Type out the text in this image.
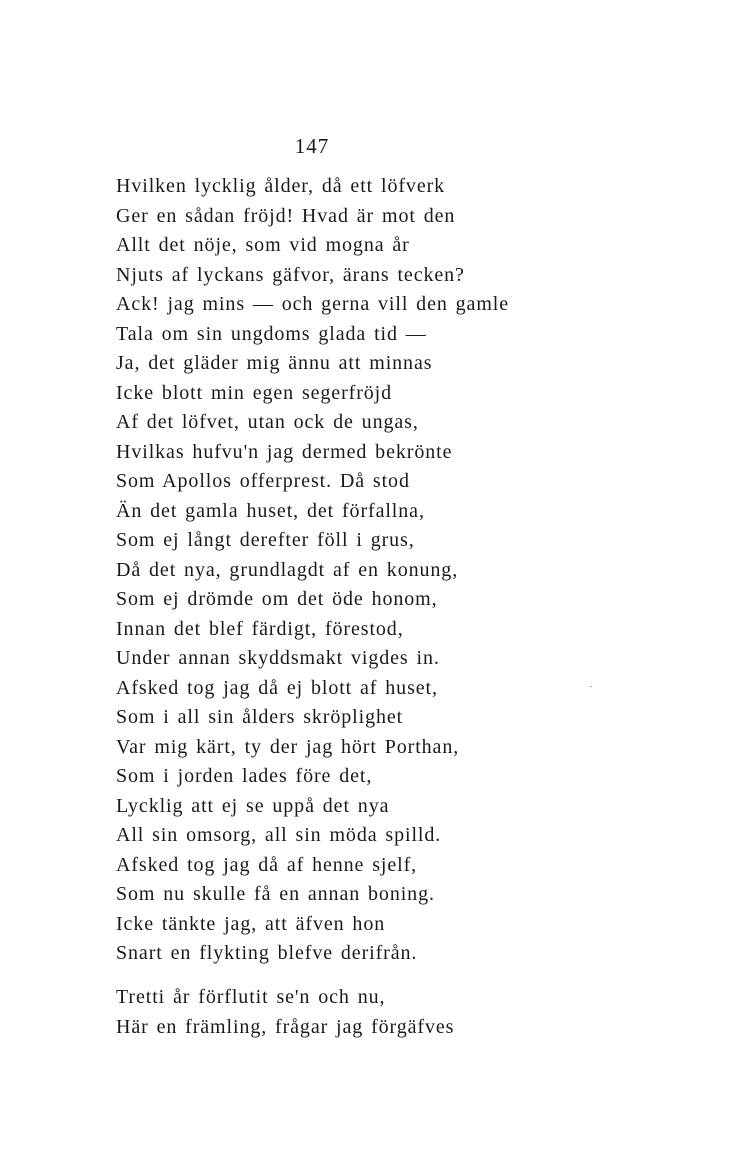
147
Hvilken lycklig ålder, då ett löfverk
Ger en sådan fröjd! Hvad är mot den
Allt det nöje, som vid mogna år
Njuts af lyckans gäfvor, ärans tecken?
Ack! jag mins — och gerna vill den gamle
Tala om sin ungdoms glada tid —
Ja, det gläder mig ännu att minnas
Icke blott min egen segerfröjd
Af det löfvet, utan ock de ungas,
Hvilkas hufvu'n jag dermed bekrönte
Som Apollos offerprest. Då stod
Än det gamla huset, det förfallna,
Som ej långt derefter föll i grus,
Då det nya, grundlagdt af en konung,
Som ej drömde om det öde honom,
Innan det blef färdigt, förestod,
Under annan skyddsmakt vigdes in.
Afsked tog jag då ej blott af huset,
Som i all sin ålders skröplighet
Var mig kärt, ty der jag hört Porthan,
Som i jorden lades före det,
Lycklig att ej se uppå det nya
All sin omsorg, all sin möda spilld.
Afsked tog jag då af henne sjelf,
Som nu skulle få en annan boning.
Icke tänkte jag, att äfven hon
Snart en flykting blefve derifrån.
Tretti år förflutit se'n och nu,
Här en främling, frågar jag förgäfves
